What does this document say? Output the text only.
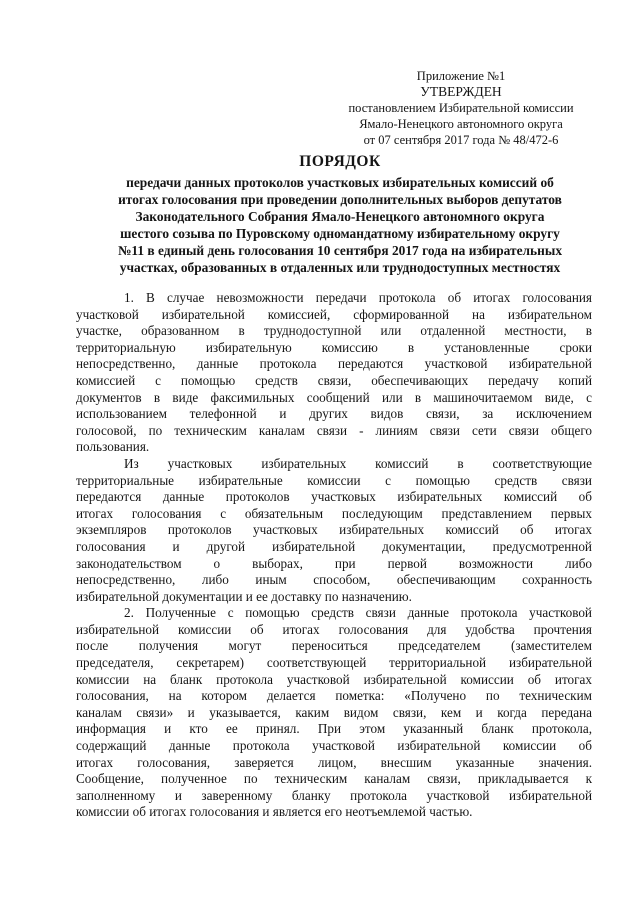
Приложение №1
УТВЕРЖДЕН
постановлением Избирательной комиссии
Ямало-Ненецкого автономного округа
от 07 сентября 2017 года № 48/472-6
ПОРЯДОК
передачи данных протоколов участковых избирательных комиссий об
итогах голосования при проведении дополнительных выборов депутатов
Законодательного Собрания Ямало-Ненецкого автономного округа
шестого созыва по Пуровскому одномандатному избирательному округу
№11 в единый день голосования 10 сентября 2017 года на избирательных
участках, образованных в отдаленных или труднодоступных местностях
1. В случае невозможности передачи протокола об итогах голосования
участковой избирательной комиссией, сформированной на избирательном
участке, образованном в труднодоступной или отдаленной местности, в
территориальную избирательную комиссию в установленные сроки
непосредственно, данные протокола передаются участковой избирательной
комиссией с помощью средств связи, обеспечивающих передачу копий
документов в виде факсимильных сообщений или в машиночитаемом виде, с
использованием телефонной и других видов связи, за исключением
голосовой, по техническим каналам связи - линиям связи сети связи общего
пользования.
Из участковых избирательных комиссий в соответствующие
территориальные избирательные комиссии с помощью средств связи
передаются данные протоколов участковых избирательных комиссий об
итогах голосования с обязательным последующим представлением первых
экземпляров протоколов участковых избирательных комиссий об итогах
голосования и другой избирательной документации, предусмотренной
законодательством о выборах, при первой возможности либо
непосредственно, либо иным способом, обеспечивающим сохранность
избирательной документации и ее доставку по назначению.
2. Полученные с помощью средств связи данные протокола участковой
избирательной комиссии об итогах голосования для удобства прочтения
после получения могут переноситься председателем (заместителем
председателя, секретарем) соответствующей территориальной избирательной
комиссии на бланк протокола участковой избирательной комиссии об итогах
голосования, на котором делается пометка: «Получено по техническим
каналам связи» и указывается, каким видом связи, кем и когда передана
информация и кто ее принял. При этом указанный бланк протокола,
содержащий данные протокола участковой избирательной комиссии об
итогах голосования, заверяется лицом, внесшим указанные значения.
Сообщение, полученное по техническим каналам связи, прикладывается к
заполненному и заверенному бланку протокола участковой избирательной
комиссии об итогах голосования и является его неотъемлемой частью.
